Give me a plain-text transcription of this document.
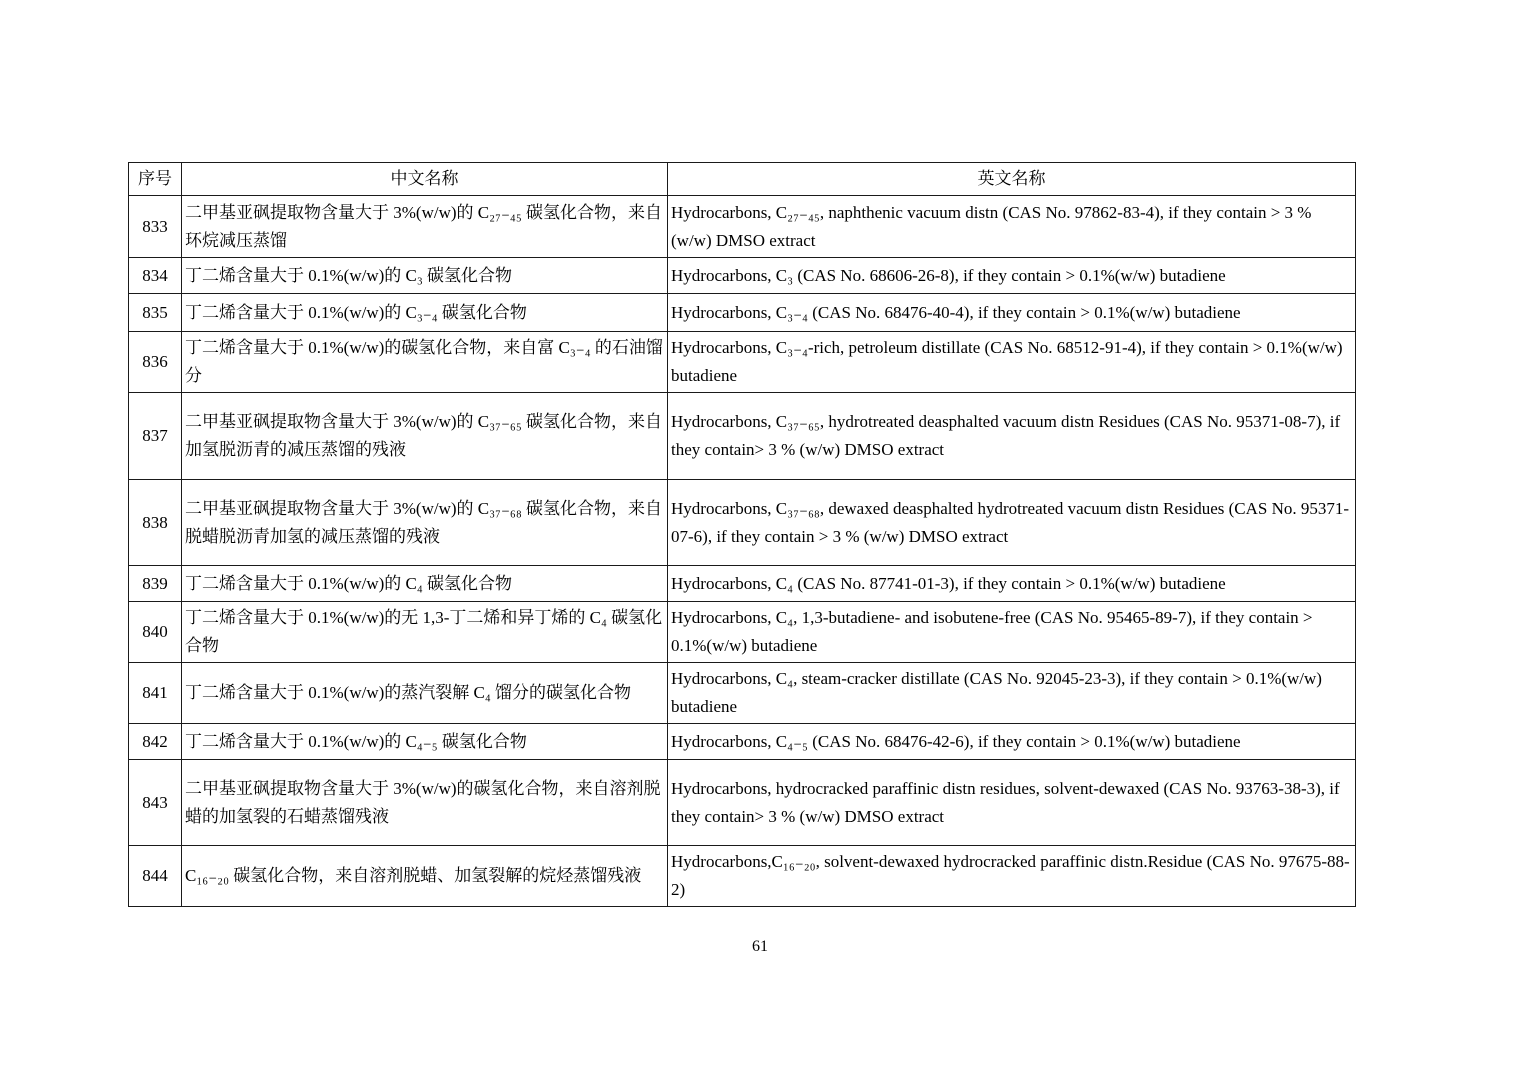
序号	中文名称	英文名称
833	二甲基亚砜提取物含量大于 3%(w/w)的 C₂₇₋₄₅ 碳氢化合物，来自环烷减压蒸馏	Hydrocarbons, C₂₇₋₄₅, naphthenic vacuum distn (CAS No. 97862-83-4), if they contain > 3 % (w/w) DMSO extract
834	丁二烯含量大于 0.1%(w/w)的 C₃ 碳氢化合物	Hydrocarbons, C₃ (CAS No. 68606-26-8), if they contain > 0.1%(w/w) butadiene
835	丁二烯含量大于 0.1%(w/w)的 C₃₋₄ 碳氢化合物	Hydrocarbons, C₃₋₄ (CAS No. 68476-40-4), if they contain > 0.1%(w/w) butadiene
836	丁二烯含量大于 0.1%(w/w)的碳氢化合物，来自富 C₃₋₄ 的石油馏分	Hydrocarbons, C₃₋₄-rich, petroleum distillate (CAS No. 68512-91-4), if they contain > 0.1%(w/w) butadiene
837	二甲基亚砜提取物含量大于 3%(w/w)的 C₃₇₋₆₅ 碳氢化合物，来自加氢脱沥青的减压蒸馏的残液	Hydrocarbons, C₃₇₋₆₅, hydrotreated deasphalted vacuum distn Residues (CAS No. 95371-08-7), if they contain> 3 % (w/w) DMSO extract
838	二甲基亚砜提取物含量大于 3%(w/w)的 C₃₇₋₆₈ 碳氢化合物，来自脱蜡脱沥青加氢的减压蒸馏的残液	Hydrocarbons, C₃₇₋₆₈, dewaxed deasphalted hydrotreated vacuum distn Residues (CAS No. 95371-07-6), if they contain > 3 % (w/w) DMSO extract
839	丁二烯含量大于 0.1%(w/w)的 C₄ 碳氢化合物	Hydrocarbons, C₄ (CAS No. 87741-01-3), if they contain > 0.1%(w/w) butadiene
840	丁二烯含量大于 0.1%(w/w)的无 1,3-丁二烯和异丁烯的 C₄ 碳氢化合物	Hydrocarbons, C₄, 1,3-butadiene- and isobutene-free (CAS No. 95465-89-7), if they contain > 0.1%(w/w) butadiene
841	丁二烯含量大于 0.1%(w/w)的蒸汽裂解 C₄ 馏分的碳氢化合物	Hydrocarbons, C₄, steam-cracker distillate (CAS No. 92045-23-3), if they contain > 0.1%(w/w) butadiene
842	丁二烯含量大于 0.1%(w/w)的 C₄₋₅ 碳氢化合物	Hydrocarbons, C₄₋₅ (CAS No. 68476-42-6), if they contain > 0.1%(w/w) butadiene
843	二甲基亚砜提取物含量大于 3%(w/w)的碳氢化合物，来自溶剂脱蜡的加氢裂的石蜡蒸馏残液	Hydrocarbons, hydrocracked paraffinic distn residues, solvent-dewaxed (CAS No. 93763-38-3), if they contain> 3 % (w/w) DMSO extract
844	C₁₆₋₂₀ 碳氢化合物，来自溶剂脱蜡、加氢裂解的烷烃蒸馏残液	Hydrocarbons,C₁₆₋₂₀, solvent-dewaxed hydrocracked paraffinic distn.Residue (CAS No. 97675-88-2)
61
